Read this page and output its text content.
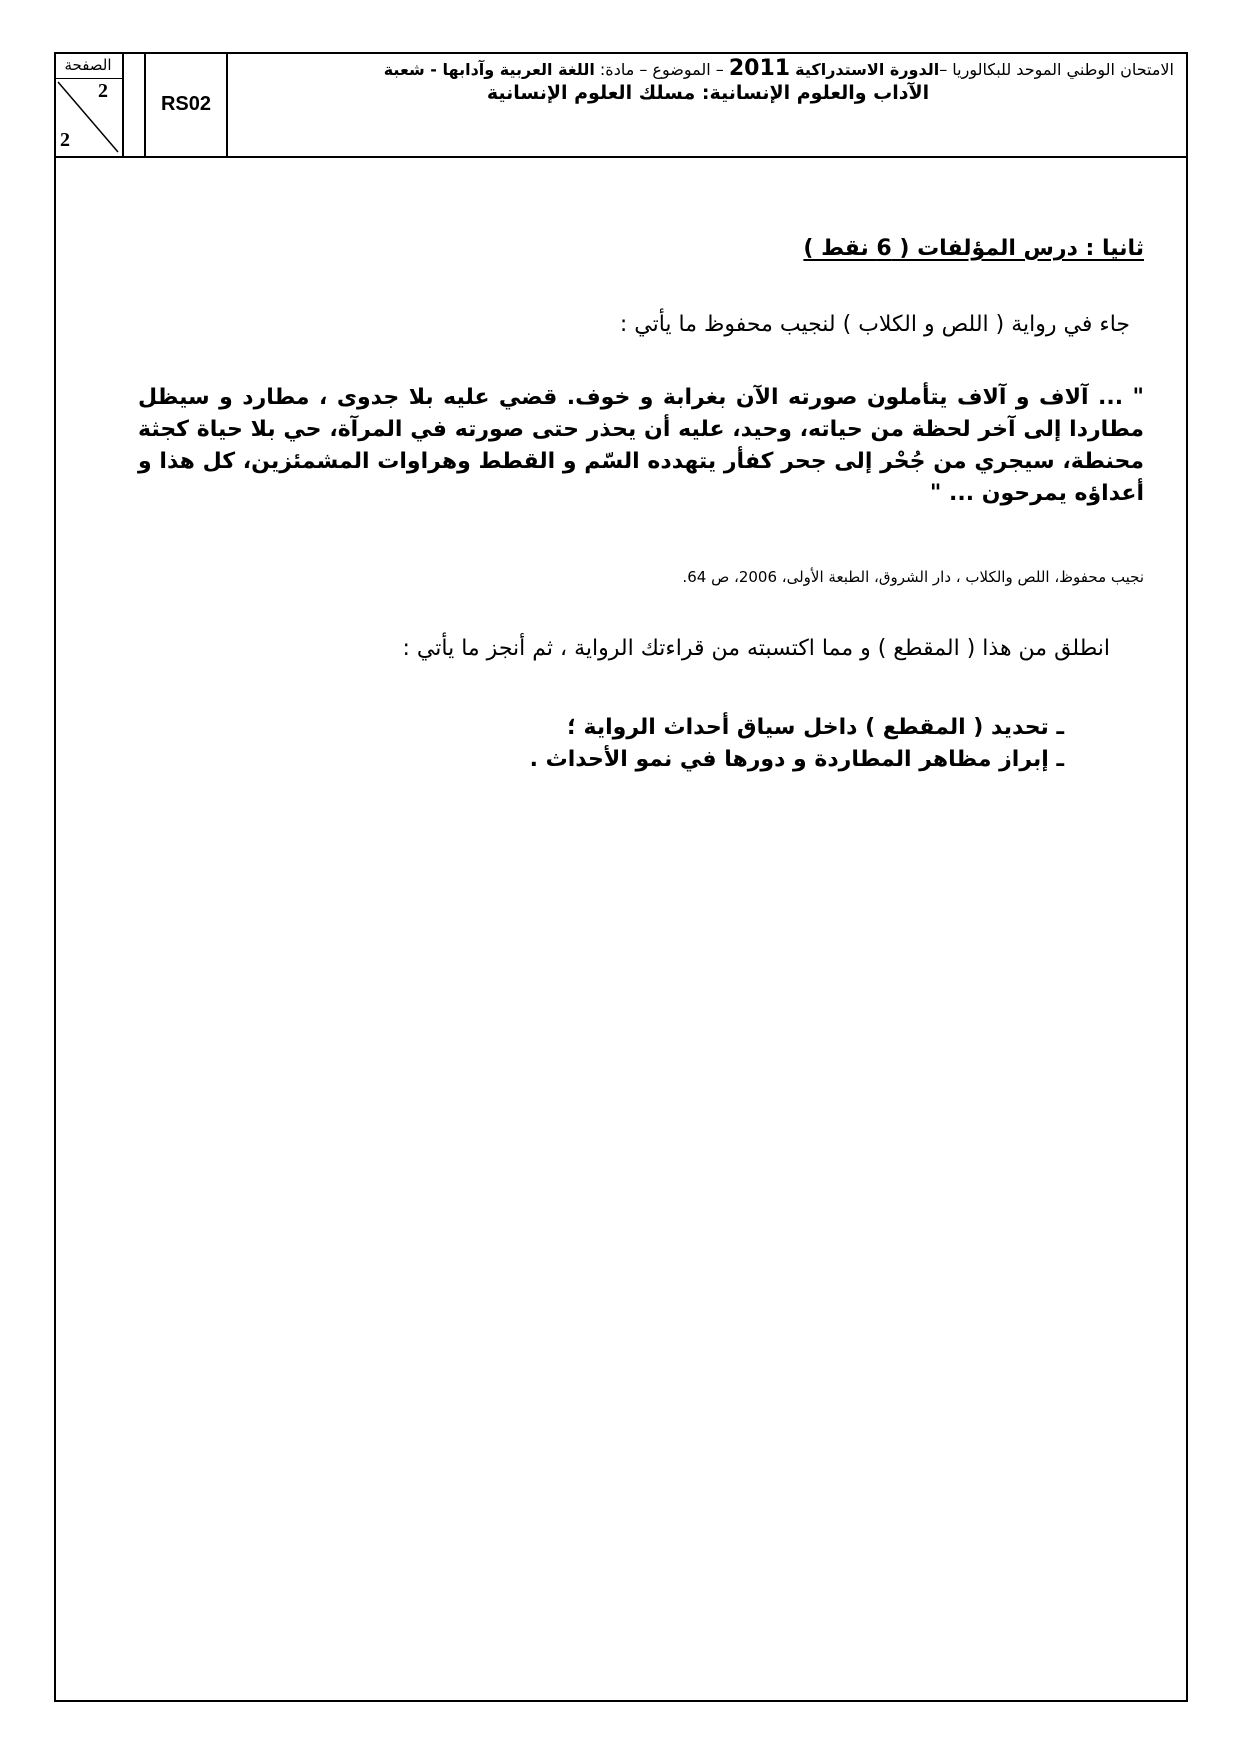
الصفحة
2
2
RS02
الامتحان الوطني الموحد للبكالوريا –الدورة الاستدراكية 2011 – الموضوع – مادة: اللغة العربية وآدابها - شعبة
الآداب والعلوم الإنسانية: مسلك العلوم الإنسانية
ثانيا : درس المؤلفات ( 6 نقط )
جاء في رواية ( اللص و الكلاب ) لنجيب محفوظ ما يأتي :
" ... آلاف و آلاف يتأملون صورته الآن بغرابة و خوف. قضي عليه بلا جدوى ، مطارد و سيظل مطاردا إلى آخر لحظة من حياته، وحيد، عليه أن يحذر حتى صورته في المرآة، حي بلا حياة كجثة محنطة، سيجري من جُحْر إلى جحر كفأر يتهدده السّم و القطط وهراوات المشمئزين، كل هذا و أعداؤه يمرحون ... "
نجيب محفوظ، اللص والكلاب ، دار الشروق، الطبعة الأولى، 2006، ص 64.
انطلق من هذا ( المقطع ) و مما اكتسبته من قراءتك الرواية ، ثم أنجز ما يأتي :
ـ تحديد ( المقطع ) داخل سياق أحداث الرواية ؛
ـ إبراز مظاهر المطاردة و دورها في نمو الأحداث .
